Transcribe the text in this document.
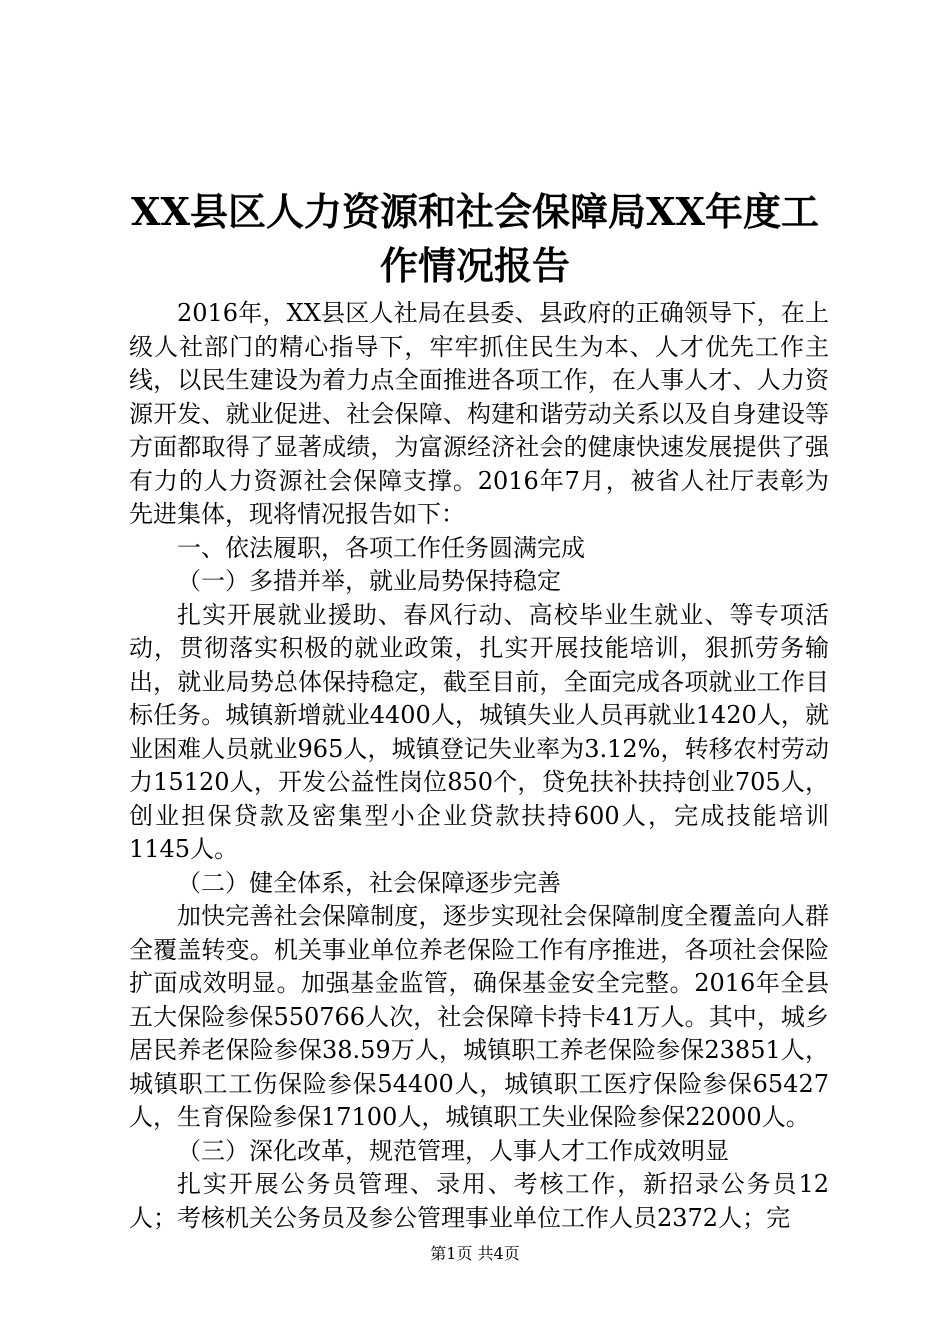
XX县区人力资源和社会保障局XX年度工作情况报告

2016年，XX县区人社局在县委、县政府的正确领导下，在上级人社部门的精心指导下，牢牢抓住民生为本、人才优先工作主线，以民生建设为着力点全面推进各项工作，在人事人才、人力资源开发、就业促进、社会保障、构建和谐劳动关系以及自身建设等方面都取得了显著成绩，为富源经济社会的健康快速发展提供了强有力的人力资源社会保障支撑。2016年7月，被省人社厅表彰为先进集体，现将情况报告如下：

一、依法履职，各项工作任务圆满完成

（一）多措并举，就业局势保持稳定

扎实开展就业援助、春风行动、高校毕业生就业、等专项活动，贯彻落实积极的就业政策，扎实开展技能培训，狠抓劳务输出，就业局势总体保持稳定，截至目前，全面完成各项就业工作目标任务。城镇新增就业4400人，城镇失业人员再就业1420人，就业困难人员就业965人，城镇登记失业率为3.12%，转移农村劳动力15120人，开发公益性岗位850个，贷免扶补扶持创业705人，创业担保贷款及密集型小企业贷款扶持600人，完成技能培训1145人。

（二）健全体系，社会保障逐步完善

加快完善社会保障制度，逐步实现社会保障制度全覆盖向人群全覆盖转变。机关事业单位养老保险工作有序推进，各项社会保险扩面成效明显。加强基金监管，确保基金安全完整。2016年全县五大保险参保550766人次，社会保障卡持卡41万人。其中，城乡居民养老保险参保38.59万人，城镇职工养老保险参保23851人，城镇职工工伤保险参保54400人，城镇职工医疗保险参保65427人，生育保险参保17100人，城镇职工失业保险参保22000人。

（三）深化改革，规范管理，人事人才工作成效明显

扎实开展公务员管理、录用、考核工作，新招录公务员12人；考核机关公务员及参公管理事业单位工作人员2372人；完

第1页 共4页
